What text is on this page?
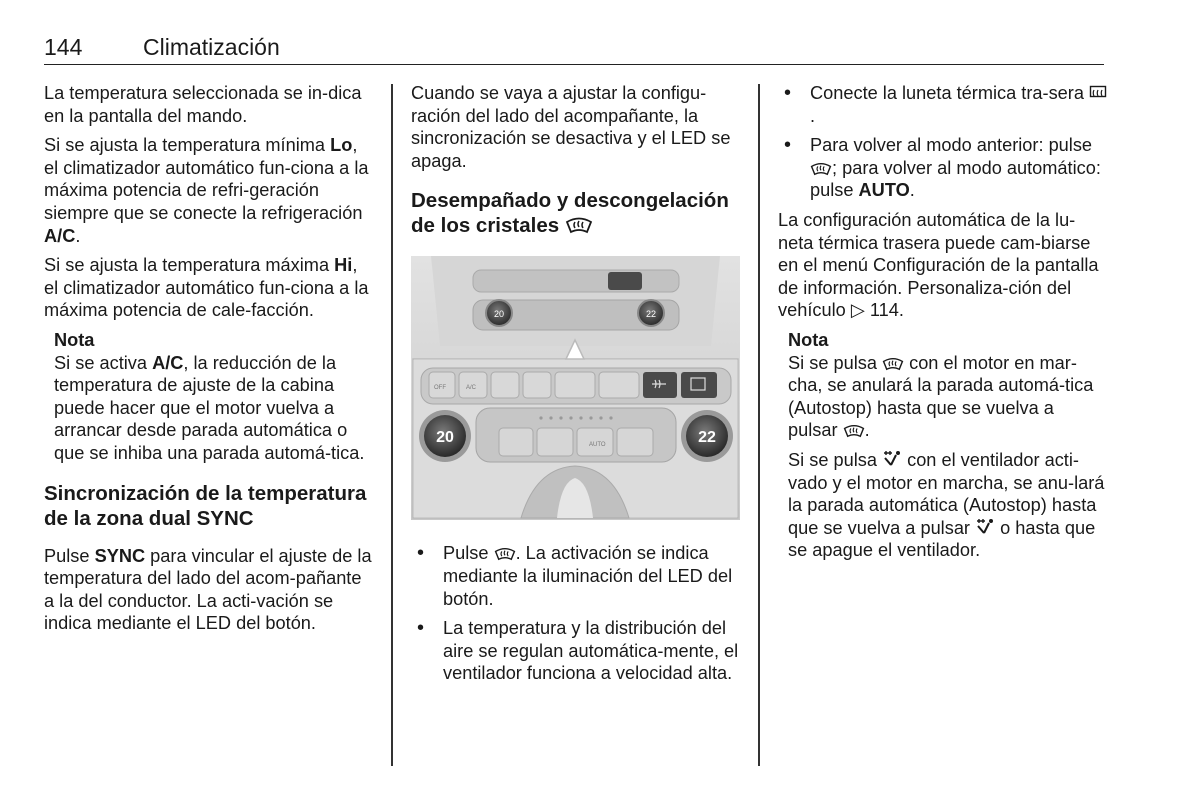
144	Climatización

La temperatura seleccionada se in-dica en la pantalla del mando.

Si se ajusta la temperatura mínima Lo, el climatizador automático fun-ciona a la máxima potencia de refri-geración siempre que se conecte la refrigeración A/C.

Si se ajusta la temperatura máxima Hi, el climatizador automático fun-ciona a la máxima potencia de cale-facción.

Nota

Si se activa A/C, la reducción de la temperatura de ajuste de la cabina puede hacer que el motor vuelva a arrancar desde parada automática o que se inhiba una parada automá-tica.

Sincronización de la temperatura de la zona dual SYNC

Pulse SYNC para vincular el ajuste de la temperatura del lado del acom-pañante a la del conductor. La acti-vación se indica mediante el LED del botón.

Cuando se vaya a ajustar la configu-ración del lado del acompañante, la sincronización se desactiva y el LED se apaga.

Desempañado y descongelación de los cristales
20	22
OFF	A/C
AUTO
20	22
• Pulse . La activación se indica mediante la iluminación del LED del botón.
• La temperatura y la distribución del aire se regulan automática-mente, el ventilador funciona a velocidad alta.
• Conecte la luneta térmica tra-sera .
• Para volver al modo anterior: pulse ; para volver al modo automático: pulse AUTO.

La configuración automática de la lu-neta térmica trasera puede cam-biarse en el menú Configuración de la pantalla de información. Personaliza-ción del vehículo ▷ 114.

Nota

Si se pulsa con el motor en mar-cha, se anulará la parada automá-tica (Autostop) hasta que se vuelva a pulsar .

Si se pulsa con el ventilador acti-vado y el motor en marcha, se anu-lará la parada automática (Autostop) hasta que se vuelva a pulsar o hasta que se apague el ventilador.
